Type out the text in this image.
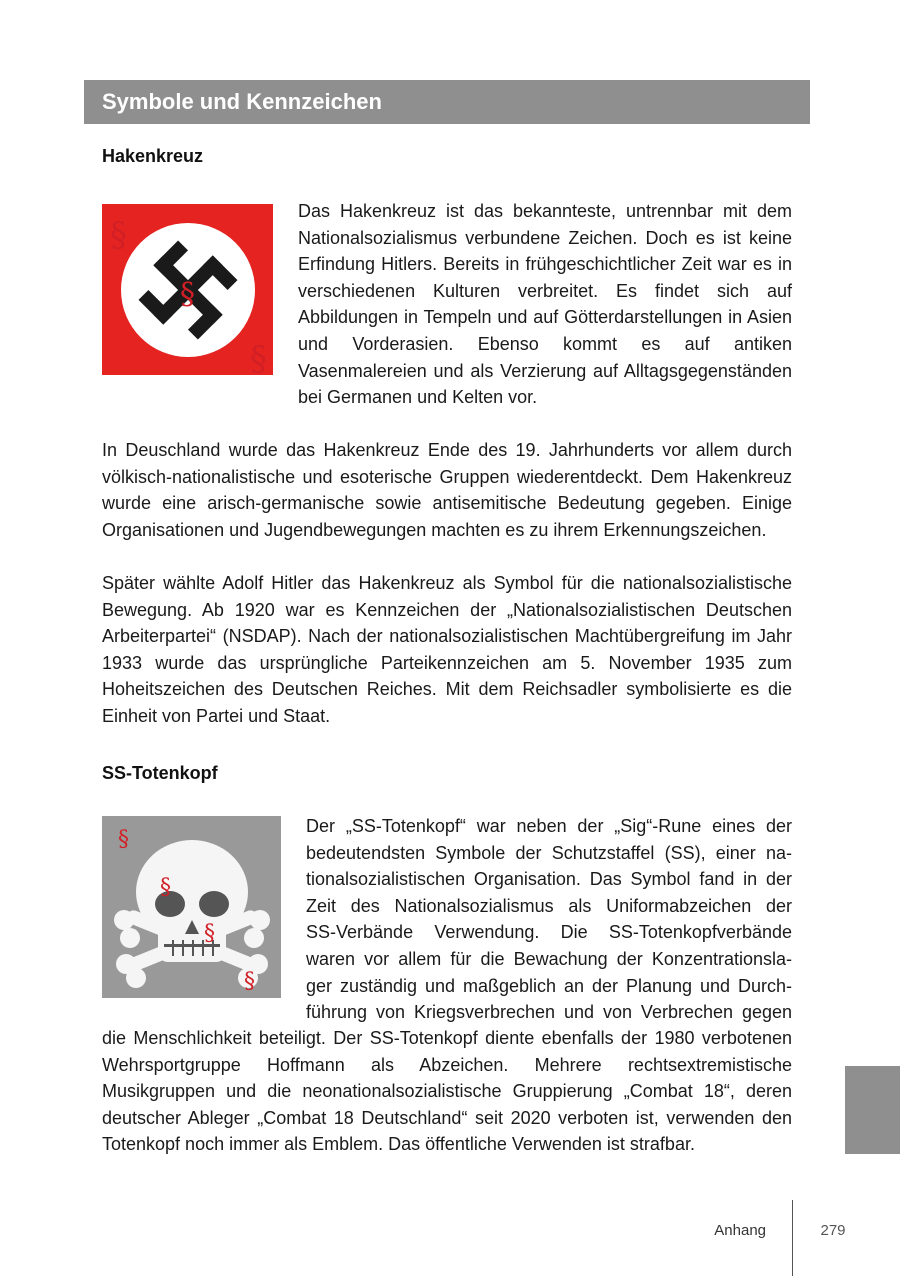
Symbole und Kennzeichen
Hakenkreuz
§
§
§

Das Hakenkreuz ist das bekannteste, untrennbar mit dem Nationalsozialismus verbundene Zeichen. Doch es ist keine Erfindung Hitlers. Bereits in frühgeschichtlicher Zeit war es in verschiedenen Kulturen verbreitet. Es findet sich auf Abbildungen in Tempeln und auf Götterdarstellungen in Asien und Vorderasien. Ebenso kommt es auf antiken Vasenmalereien und als Verzierung auf Alltagsgegenständen bei Germanen und Kelten vor.

In Deuschland wurde das Hakenkreuz Ende des 19. Jahrhunderts vor allem durch völkisch-nationalistische und esoterische Gruppen wiederentdeckt. Dem Hakenkreuz wurde eine arisch-germanische sowie antisemitische Bedeutung gegeben. Einige Organisationen und Jugendbewegungen machten es zu ihrem Erkennungszeichen.

Später wählte Adolf Hitler das Hakenkreuz als Symbol für die nationalsozialistische Bewegung. Ab 1920 war es Kennzeichen der „Nationalsozialistischen Deutschen Arbeiterpartei“ (NSDAP). Nach der nationalsozialistischen Machtübergreifung im Jahr 1933 wurde das ursprüngliche Parteikennzeichen am 5. November 1935 zum Hoheitszeichen des Deutschen Reiches. Mit dem Reichsadler symbolisierte es die Einheit von Partei und Staat.

SS-Totenkopf
§
§
§
§
Der „SS-Totenkopf“ war neben der „Sig“-Rune eines der
bedeutendsten Symbole der Schutzstaffel (SS), einer na-
tionalsozialistischen Organisation. Das Symbol fand in der
Zeit des Nationalsozialismus als Uniformabzeichen der
SS-Verbände Verwendung. Die SS-Totenkopfverbände
waren vor allem für die Bewachung der Konzentrationsla-
ger zuständig und maßgeblich an der Planung und Durch-
führung von Kriegsverbrechen und von Verbrechen gegen

die Menschlichkeit beteiligt. Der SS-Totenkopf diente ebenfalls der 1980 verbotenen Wehrsportgruppe Hoffmann als Abzeichen. Mehrere rechtsextremistische Musikgruppen und die neonationalsozialistische Gruppierung „Combat 18“, deren deutscher Ableger „Combat 18 Deutschland“ seit 2020 verboten ist, verwenden den Totenkopf noch immer als Emblem. Das öffentliche Verwenden ist strafbar.

Anhang	279
